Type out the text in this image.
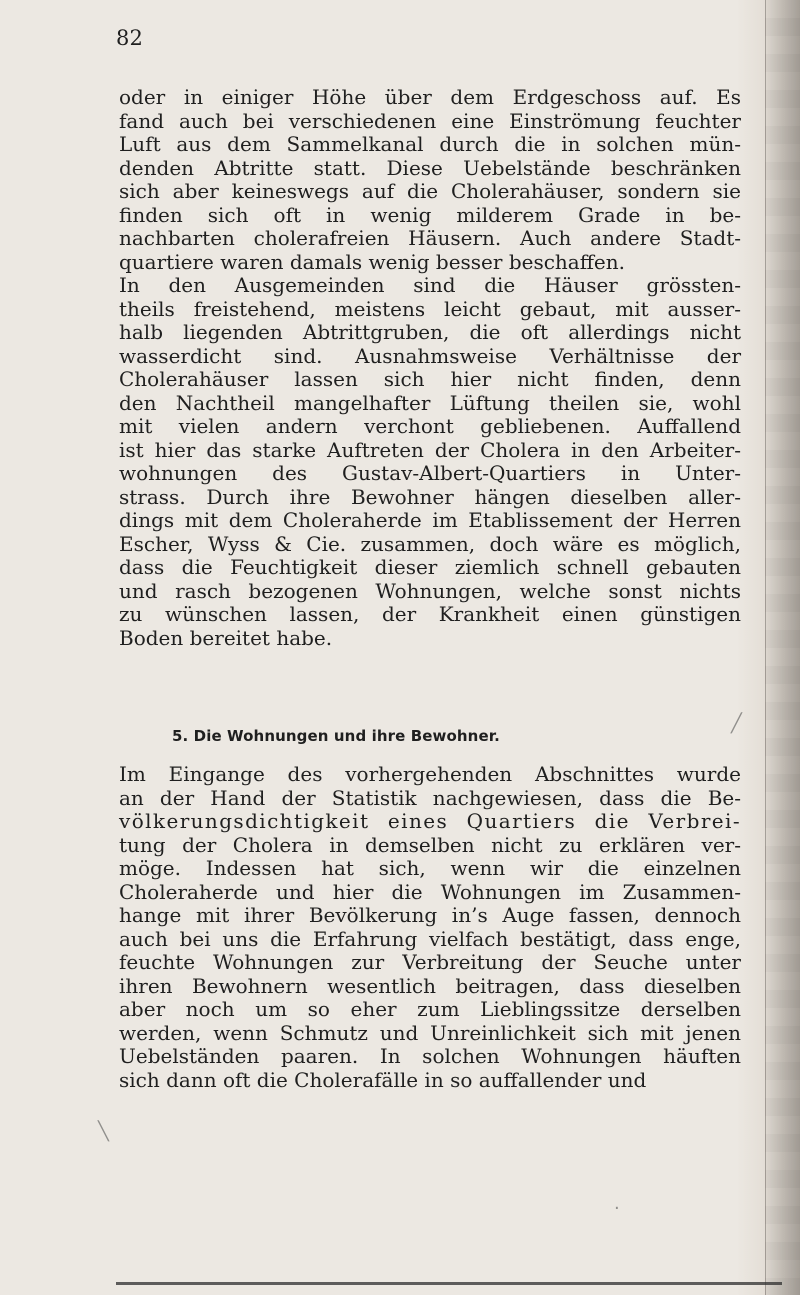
82

oder in einiger Höhe über dem Erdgeschoss auf. Es
fand auch bei verschiedenen eine Einströmung feuchter
Luft aus dem Sammelkanal durch die in solchen mün-
denden Abtritte statt. Diese Uebelstände beschränken
sich aber keineswegs auf die Cholerahäuser, sondern sie
finden sich oft in wenig milderem Grade in be-
nachbarten cholerafreien Häusern. Auch andere Stadt-
quartiere waren damals wenig besser beschaffen.
In den Ausgemeinden sind die Häuser grössten-
theils freistehend, meistens leicht gebaut, mit ausser-
halb liegenden Abtrittgruben, die oft allerdings nicht
wasserdicht sind. Ausnahmsweise Verhältnisse der
Cholerahäuser lassen sich hier nicht finden, denn
den Nachtheil mangelhafter Lüftung theilen sie, wohl
mit vielen andern verchont gebliebenen. Auffallend
ist hier das starke Auftreten der Cholera in den Arbeiter-
wohnungen des Gustav-Albert-Quartiers in Unter-
strass. Durch ihre Bewohner hängen dieselben aller-
dings mit dem Choleraherde im Etablissement der Herren
Escher, Wyss & Cie. zusammen, doch wäre es möglich,
dass die Feuchtigkeit dieser ziemlich schnell gebauten
und rasch bezogenen Wohnungen, welche sonst nichts
zu wünschen lassen, der Krankheit einen günstigen
Boden bereitet habe.

5. Die Wohnungen und ihre Bewohner.

Im Eingange des vorhergehenden Abschnittes wurde
an der Hand der Statistik nachgewiesen, dass die Be-
völkerungsdichtigkeit eines Quartiers die Verbrei-
tung der Cholera in demselben nicht zu erklären ver-
möge. Indessen hat sich, wenn wir die einzelnen
Choleraherde und hier die Wohnungen im Zusammen-
hange mit ihrer Bevölkerung in’s Auge fassen, dennoch
auch bei uns die Erfahrung vielfach bestätigt, dass enge,
feuchte Wohnungen zur Verbreitung der Seuche unter
ihren Bewohnern wesentlich beitragen, dass dieselben
aber noch um so eher zum Lieblingssitze derselben
werden, wenn Schmutz und Unreinlichkeit sich mit jenen
Uebelständen paaren. In solchen Wohnungen häuften
sich dann oft die Cholerafälle in so auffallender und

╱
╲
·
